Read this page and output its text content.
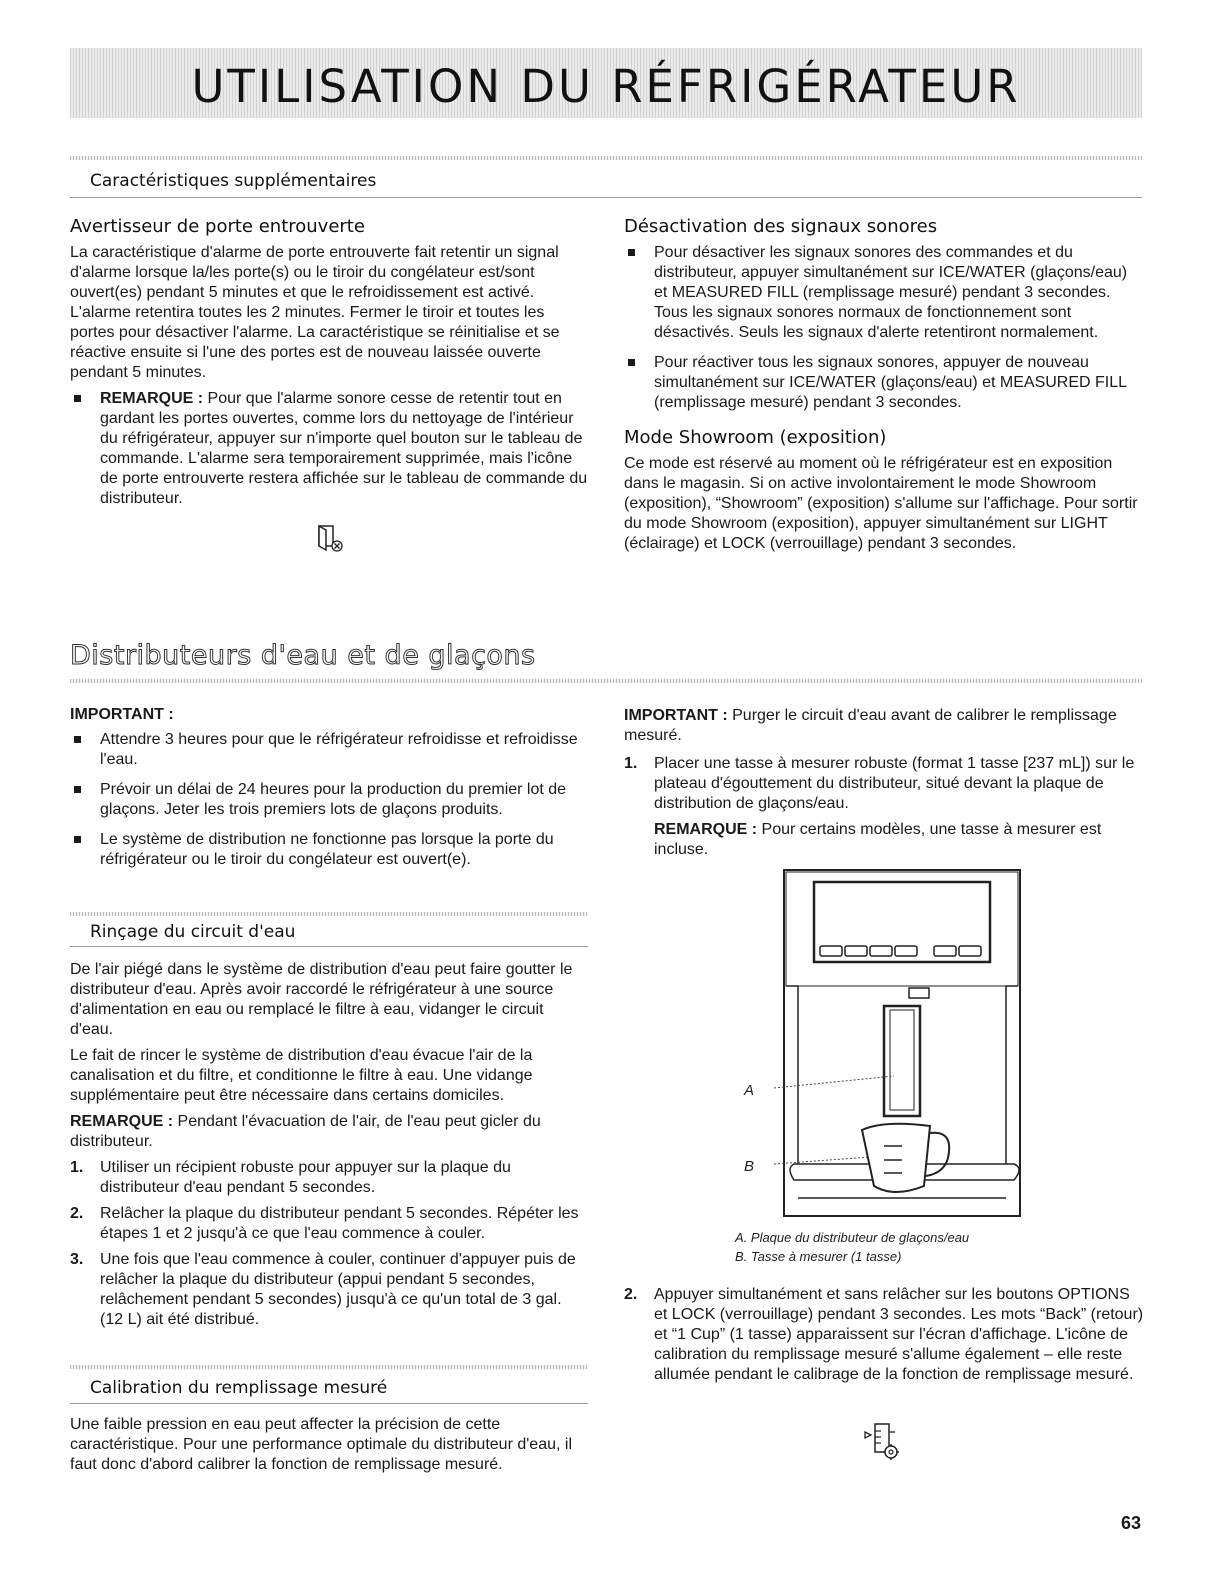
UTILISATION DU RÉFRIGÉRATEUR
Caractéristiques supplémentaires
Avertisseur de porte entrouverte

La caractéristique d'alarme de porte entrouverte fait retentir un signal d'alarme lorsque la/les porte(s) ou le tiroir du congélateur est/sont ouvert(es) pendant 5 minutes et que le refroidissement est activé. L'alarme retentira toutes les 2 minutes. Fermer le tiroir et toutes les portes pour désactiver l'alarme. La caractéristique se réinitialise et se réactive ensuite si l'une des portes est de nouveau laissée ouverte pendant 5 minutes.

REMARQUE : Pour que l'alarme sonore cesse de retentir tout en gardant les portes ouvertes, comme lors du nettoyage de l'intérieur du réfrigérateur, appuyer sur n'importe quel bouton sur le tableau de commande. L'alarme sera temporairement supprimée, mais l'icône de porte entrouverte restera affichée sur le tableau de commande du distributeur.
Désactivation des signaux sonores
Pour désactiver les signaux sonores des commandes et du distributeur, appuyer simultanément sur ICE/WATER (glaçons/eau) et MEASURED FILL (remplissage mesuré) pendant 3 secondes. Tous les signaux sonores normaux de fonctionnement sont désactivés. Seuls les signaux d'alerte retentiront normalement.
Pour réactiver tous les signaux sonores, appuyer de nouveau simultanément sur ICE/WATER (glaçons/eau) et MEASURED FILL (remplissage mesuré) pendant 3 secondes.
Mode Showroom (exposition)

Ce mode est réservé au moment où le réfrigérateur est en exposition dans le magasin. Si on active involontairement le mode Showroom (exposition), “Showroom” (exposition) s'allume sur l'affichage. Pour sortir du mode Showroom (exposition), appuyer simultanément sur LIGHT (éclairage) et LOCK (verrouillage) pendant 3 secondes.

Distributeurs d'eau et de glaçons
IMPORTANT :
Attendre 3 heures pour que le réfrigérateur refroidisse et refroidisse l'eau.
Prévoir un délai de 24 heures pour la production du premier lot de glaçons. Jeter les trois premiers lots de glaçons produits.
Le système de distribution ne fonctionne pas lorsque la porte du réfrigérateur ou le tiroir du congélateur est ouvert(e).
Rinçage du circuit d'eau

De l'air piégé dans le système de distribution d'eau peut faire goutter le distributeur d'eau. Après avoir raccordé le réfrigérateur à une source d'alimentation en eau ou remplacé le filtre à eau, vidanger le circuit d'eau.

Le fait de rincer le système de distribution d'eau évacue l'air de la canalisation et du filtre, et conditionne le filtre à eau. Une vidange supplémentaire peut être nécessaire dans certains domiciles.

REMARQUE : Pendant l'évacuation de l'air, de l'eau peut gicler du distributeur.

1. Utiliser un récipient robuste pour appuyer sur la plaque du distributeur d'eau pendant 5 secondes.
2. Relâcher la plaque du distributeur pendant 5 secondes. Répéter les étapes 1 et 2 jusqu'à ce que l'eau commence à couler.
3. Une fois que l'eau commence à couler, continuer d'appuyer puis de relâcher la plaque du distributeur (appui pendant 5 secondes, relâchement pendant 5 secondes) jusqu'à ce qu'un total de 3 gal. (12 L) ait été distribué.
Calibration du remplissage mesuré

Une faible pression en eau peut affecter la précision de cette caractéristique. Pour une performance optimale du distributeur d'eau, il faut donc d'abord calibrer la fonction de remplissage mesuré.

IMPORTANT : Purger le circuit d'eau avant de calibrer le remplissage mesuré.

1. Placer une tasse à mesurer robuste (format 1 tasse [237 mL]) sur le plateau d'égouttement du distributeur, situé devant la plaque de distribution de glaçons/eau.
REMARQUE : Pour certains modèles, une tasse à mesurer est incluse.
A
B
A. Plaque du distributeur de glaçons/eau
B. Tasse à mesurer (1 tasse)
2. Appuyer simultanément et sans relâcher sur les boutons OPTIONS et LOCK (verrouillage) pendant 3 secondes. Les mots “Back” (retour) et “1 Cup” (1 tasse) apparaissent sur l'écran d'affichage. L'icône de calibration du remplissage mesuré s'allume également – elle reste allumée pendant le calibrage de la fonction de remplissage mesuré.
63
